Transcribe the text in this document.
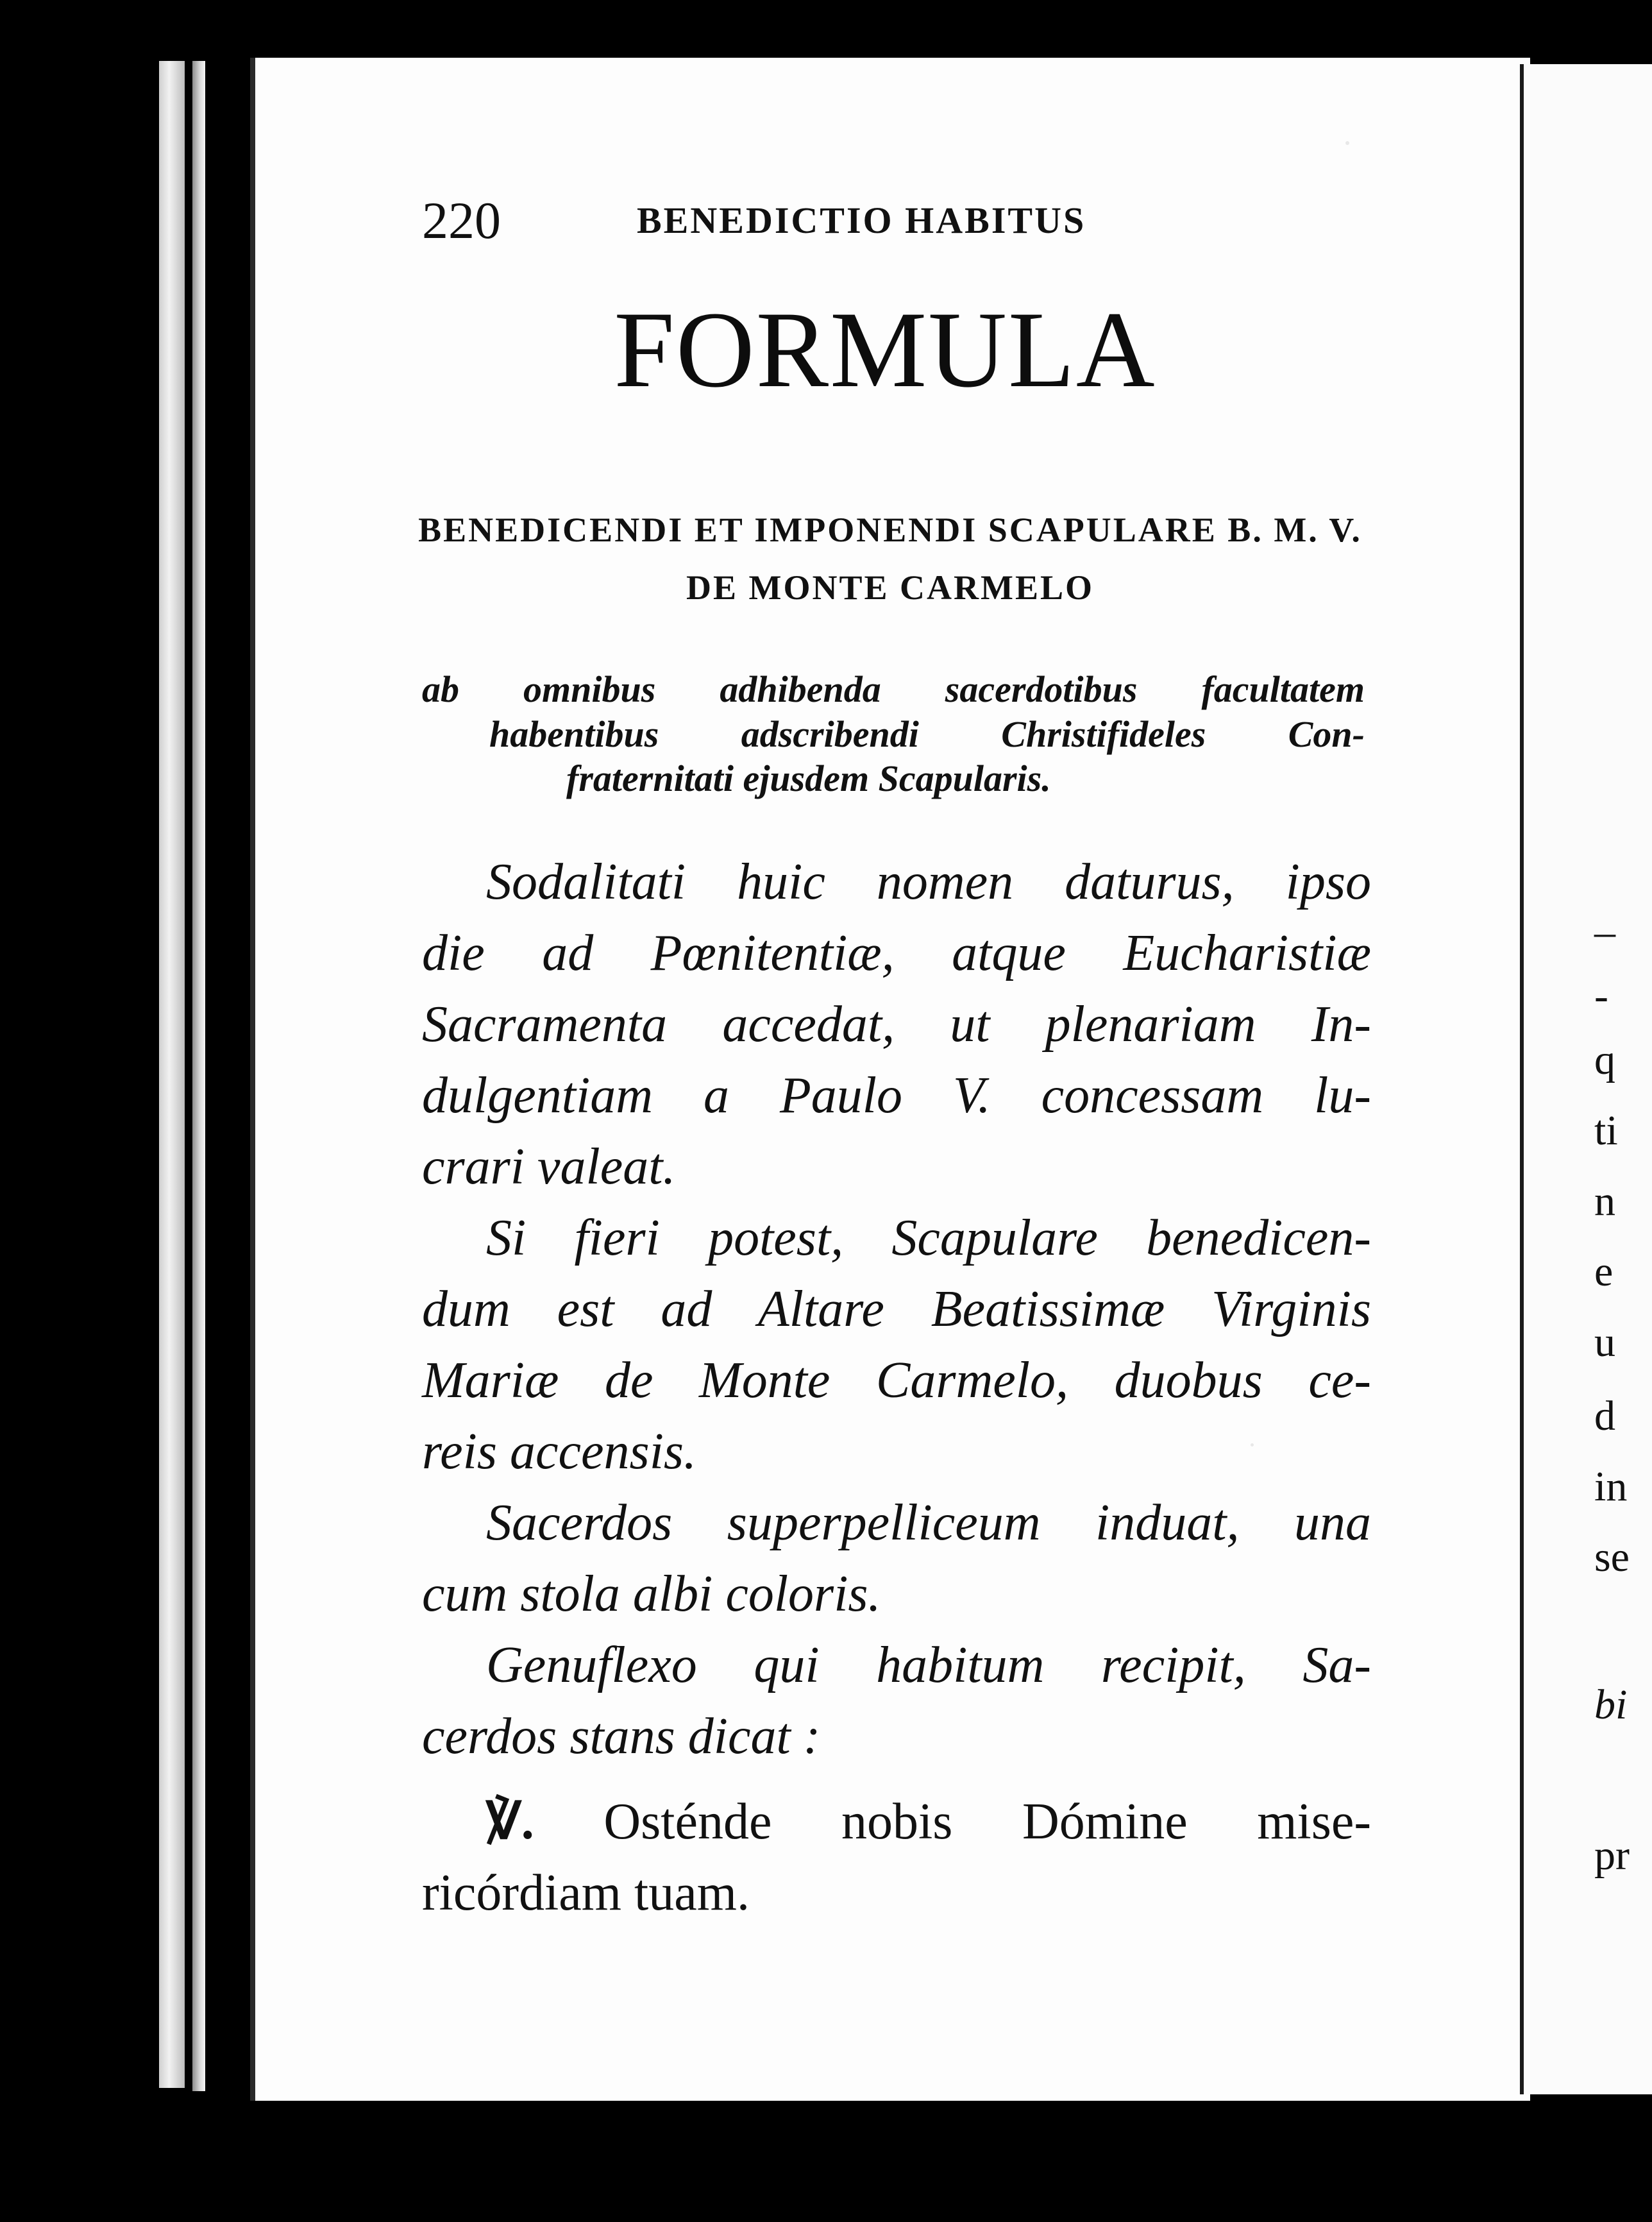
220	BENEDICTIO HABITUS
FORMULA
BENEDICENDI ET IMPONENDI SCAPULARE B. M. V.
DE MONTE CARMELO
ab omnibus adhibenda sacerdotibus facultatem
habentibus adscribendi Christifideles Con-
fraternitati ejusdem Scapularis.

Sodalitati huic nomen daturus, ipso
die ad Pœnitentiæ, atque Eucharistiæ
Sacramenta accedat, ut plenariam In-
dulgentiam a Paulo V. concessam lu-
crari valeat.

Si fieri potest, Scapulare benedicen-
dum est ad Altare Beatissimæ Virginis
Mariæ de Monte Carmelo, duobus ce-
reis accensis.

Sacerdos superpelliceum induat, una
cum stola albi coloris.

Genuflexo qui habitum recipit, Sa-
cerdos stans dicat :

℣. Osténde nobis Dómine mise-
ricórdiam tuam.

–
-
q
ti
n
e
u
d
in
se
bi
pr
